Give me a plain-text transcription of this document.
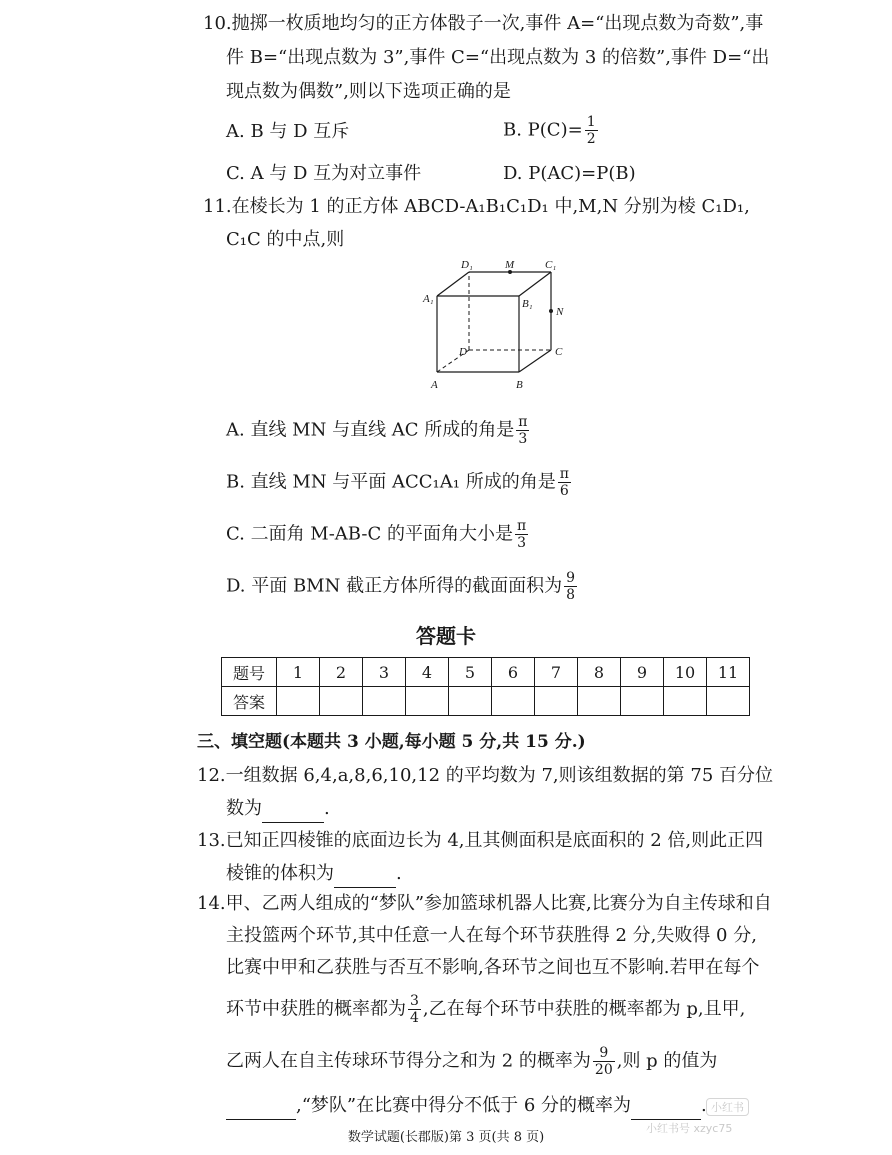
10.抛掷一枚质地均匀的正方体骰子一次,事件 A=“出现点数为奇数”,事
件 B=“出现点数为 3”,事件 C=“出现点数为 3 的倍数”,事件 D=“出
现点数为偶数”,则以下选项正确的是
A. B 与 D 互斥	B. $P(C)= \frac{1}{2}$
C. A 与 D 互为对立事件	D. P(AC)=P(B)
11.在棱长为 1 的正方体 ABCD-A₁B₁C₁D₁ 中,M,N 分别为棱 C₁D₁,
C₁C 的中点,则
D₁	M	C₁
A₁	B₁
N
D	C
A	B
A. 直线 MN 与直线 AC 所成的角是 $\frac{\pi}{3}$
B. 直线 MN 与平面 ACC₁A₁ 所成的角是 $\frac{\pi}{6}$
C. 二面角 M-AB-C 的平面角大小是 $\frac{\pi}{3}$
D. 平面 BMN 截正方体所得的截面面积为 $\frac{9}{8}$
答题卡
题号	1	2	3	4	5	6	7	8	9	10	11
答案											
三、填空题(本题共 3 小题,每小题 5 分,共 15 分.)
12.一组数据 6,4,a,8,6,10,12 的平均数为 7,则该组数据的第 75 百分位
数为	.
13.已知正四棱锥的底面边长为 4,且其侧面积是底面积的 2 倍,则此正四
棱锥的体积为	.
14.甲、乙两人组成的“梦队”参加篮球机器人比赛,比赛分为自主传球和自
主投篮两个环节,其中任意一人在每个环节获胜得 2 分,失败得 0 分,
比赛中甲和乙获胜与否互不影响,各环节之间也互不影响.若甲在每个
环节中获胜的概率都为 $\frac{3}{4}$ ,乙在每个环节中获胜的概率都为 p,且甲,
乙两人在自主传球环节得分之和为 2 的概率为 $\frac{9}{20}$ ,则 p 的值为
,“梦队”在比赛中得分不低于 6 分的概率为	. 小红书
小红书号 xzyc75
数学试题(长郡版)第 3 页(共 8 页)
